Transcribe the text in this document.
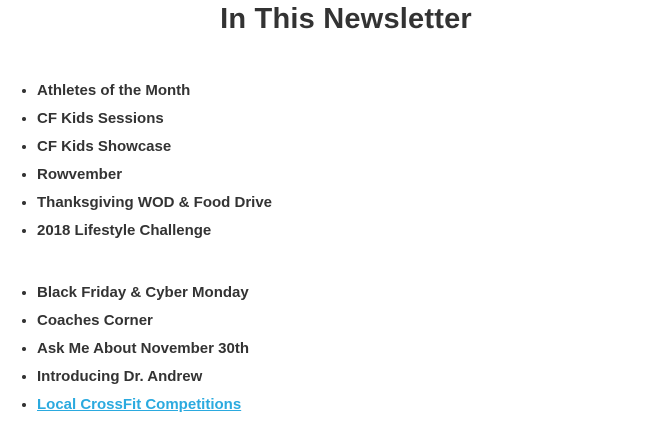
In This Newsletter
• Athletes of the Month
• CF Kids Sessions
• CF Kids Showcase
• Rowvember
• Thanksgiving WOD & Food Drive
• 2018 Lifestyle Challenge
• Black Friday & Cyber Monday
• Coaches Corner
• Ask Me About November 30th
• Introducing Dr. Andrew
• Local CrossFit Competitions
